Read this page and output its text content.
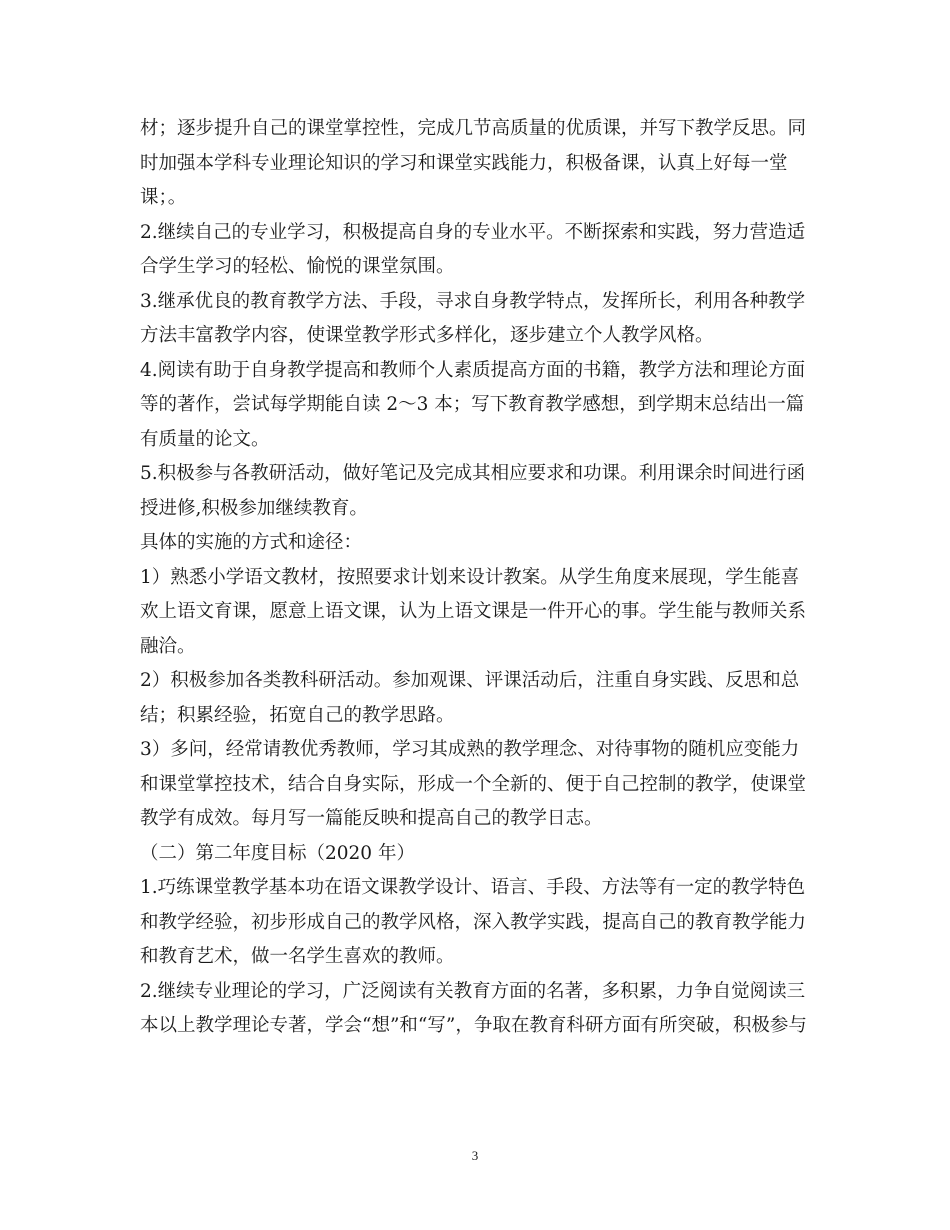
材；逐步提升自己的课堂掌控性，完成几节高质量的优质课，并写下教学反思。同
时加强本学科专业理论知识的学习和课堂实践能力，积极备课，认真上好每一堂
课；。
2.继续自己的专业学习，积极提高自身的专业水平。不断探索和实践，努力营造适
合学生学习的轻松、愉悦的课堂氛围。
3.继承优良的教育教学方法、手段，寻求自身教学特点，发挥所长，利用各种教学
方法丰富教学内容，使课堂教学形式多样化，逐步建立个人教学风格。
4.阅读有助于自身教学提高和教师个人素质提高方面的书籍，教学方法和理论方面
等的著作，尝试每学期能自读 2～3 本；写下教育教学感想，到学期末总结出一篇
有质量的论文。
5.积极参与各教研活动，做好笔记及完成其相应要求和功课。利用课余时间进行函
授进修,积极参加继续教育。
具体的实施的方式和途径：
1）熟悉小学语文教材，按照要求计划来设计教案。从学生角度来展现，学生能喜
欢上语文育课，愿意上语文课，认为上语文课是一件开心的事。学生能与教师关系
融洽。
2）积极参加各类教科研活动。参加观课、评课活动后，注重自身实践、反思和总
结；积累经验，拓宽自己的教学思路。
3）多问，经常请教优秀教师，学习其成熟的教学理念、对待事物的随机应变能力
和课堂掌控技术，结合自身实际，形成一个全新的、便于自己控制的教学，使课堂
教学有成效。每月写一篇能反映和提高自己的教学日志。
（二）第二年度目标（2020 年）
1.巧练课堂教学基本功在语文课教学设计、语言、手段、方法等有一定的教学特色
和教学经验，初步形成自己的教学风格，深入教学实践，提高自己的教育教学能力
和教育艺术，做一名学生喜欢的教师。
2.继续专业理论的学习，广泛阅读有关教育方面的名著，多积累，力争自觉阅读三
本以上教学理论专著，学会“想”和“写”，争取在教育科研方面有所突破，积极参与
3
